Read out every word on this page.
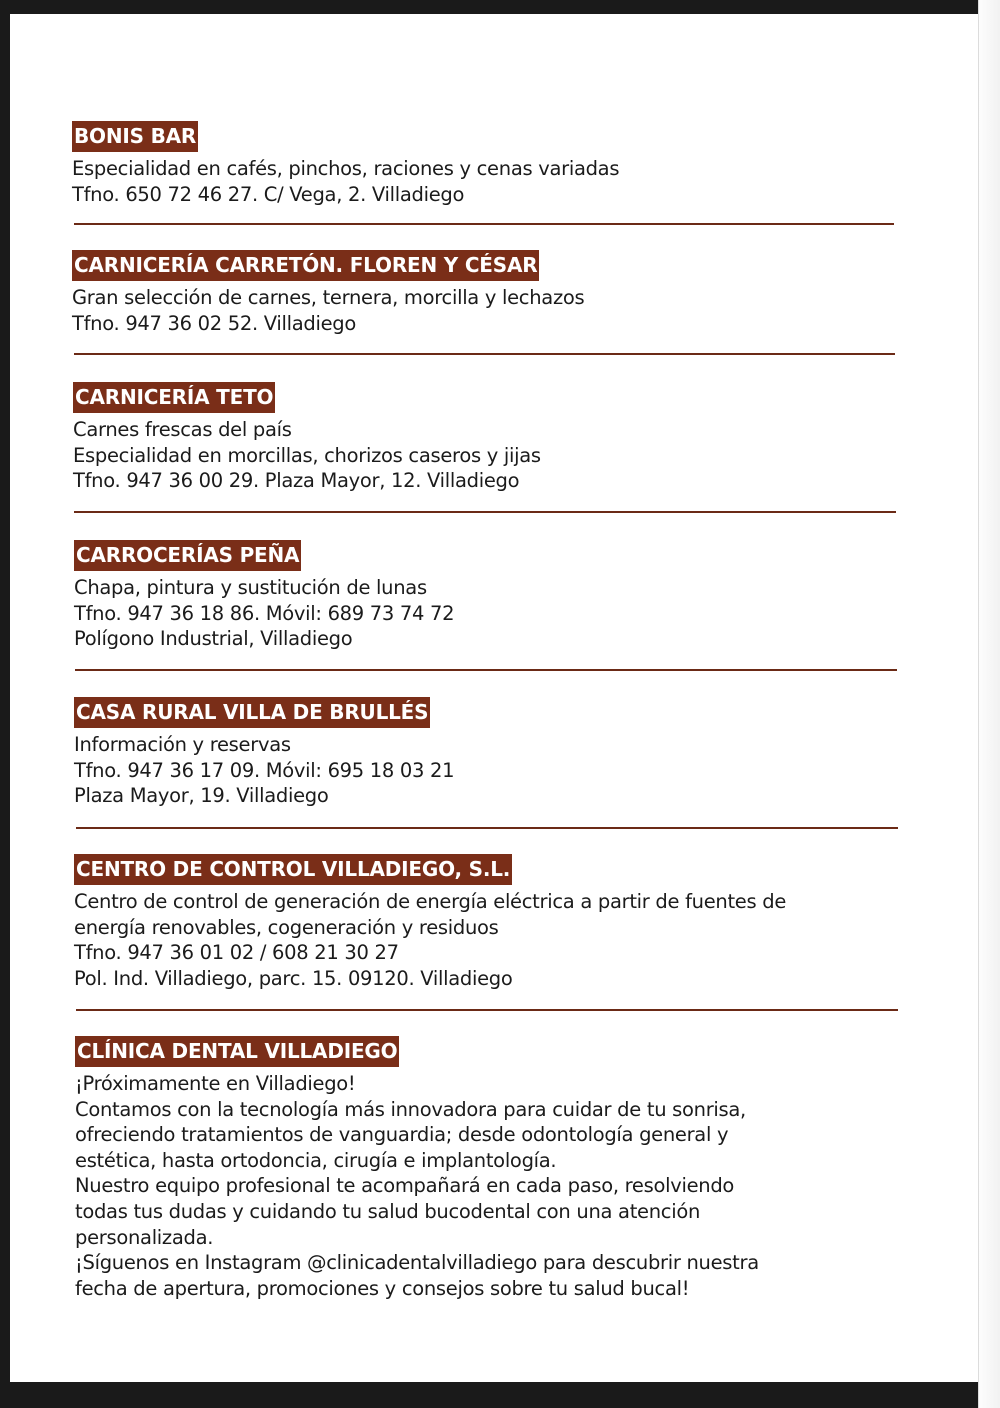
BONIS BAR
Especialidad en cafés, pinchos, raciones y cenas variadas
Tfno. 650 72 46 27. C/ Vega, 2. Villadiego
CARNICERÍA CARRETÓN. FLOREN Y CÉSAR
Gran selección de carnes, ternera, morcilla y lechazos
Tfno. 947 36 02 52. Villadiego
CARNICERÍA TETO
Carnes frescas del país
Especialidad en morcillas, chorizos caseros y jijas
Tfno. 947 36 00 29. Plaza Mayor, 12. Villadiego
CARROCERÍAS PEÑA
Chapa, pintura y sustitución de lunas
Tfno. 947 36 18 86. Móvil: 689 73 74 72
Polígono Industrial, Villadiego
CASA RURAL VILLA DE BRULLÉS
Información y reservas
Tfno. 947 36 17 09. Móvil: 695 18 03 21
Plaza Mayor, 19. Villadiego
CENTRO DE CONTROL VILLADIEGO, S.L.
Centro de control de generación de energía eléctrica a partir de fuentes de
energía renovables, cogeneración y residuos
Tfno. 947 36 01 02 / 608 21 30 27
Pol. Ind. Villadiego, parc. 15. 09120. Villadiego
CLÍNICA DENTAL VILLADIEGO
¡Próximamente en Villadiego!
Contamos con la tecnología más innovadora para cuidar de tu sonrisa,
ofreciendo tratamientos de vanguardia; desde odontología general y
estética, hasta ortodoncia, cirugía e implantología.
Nuestro equipo profesional te acompañará en cada paso, resolviendo
todas tus dudas y cuidando tu salud bucodental con una atención
personalizada.
¡Síguenos en Instagram @clinicadentalvilladiego para descubrir nuestra
fecha de apertura, promociones y consejos sobre tu salud bucal!
